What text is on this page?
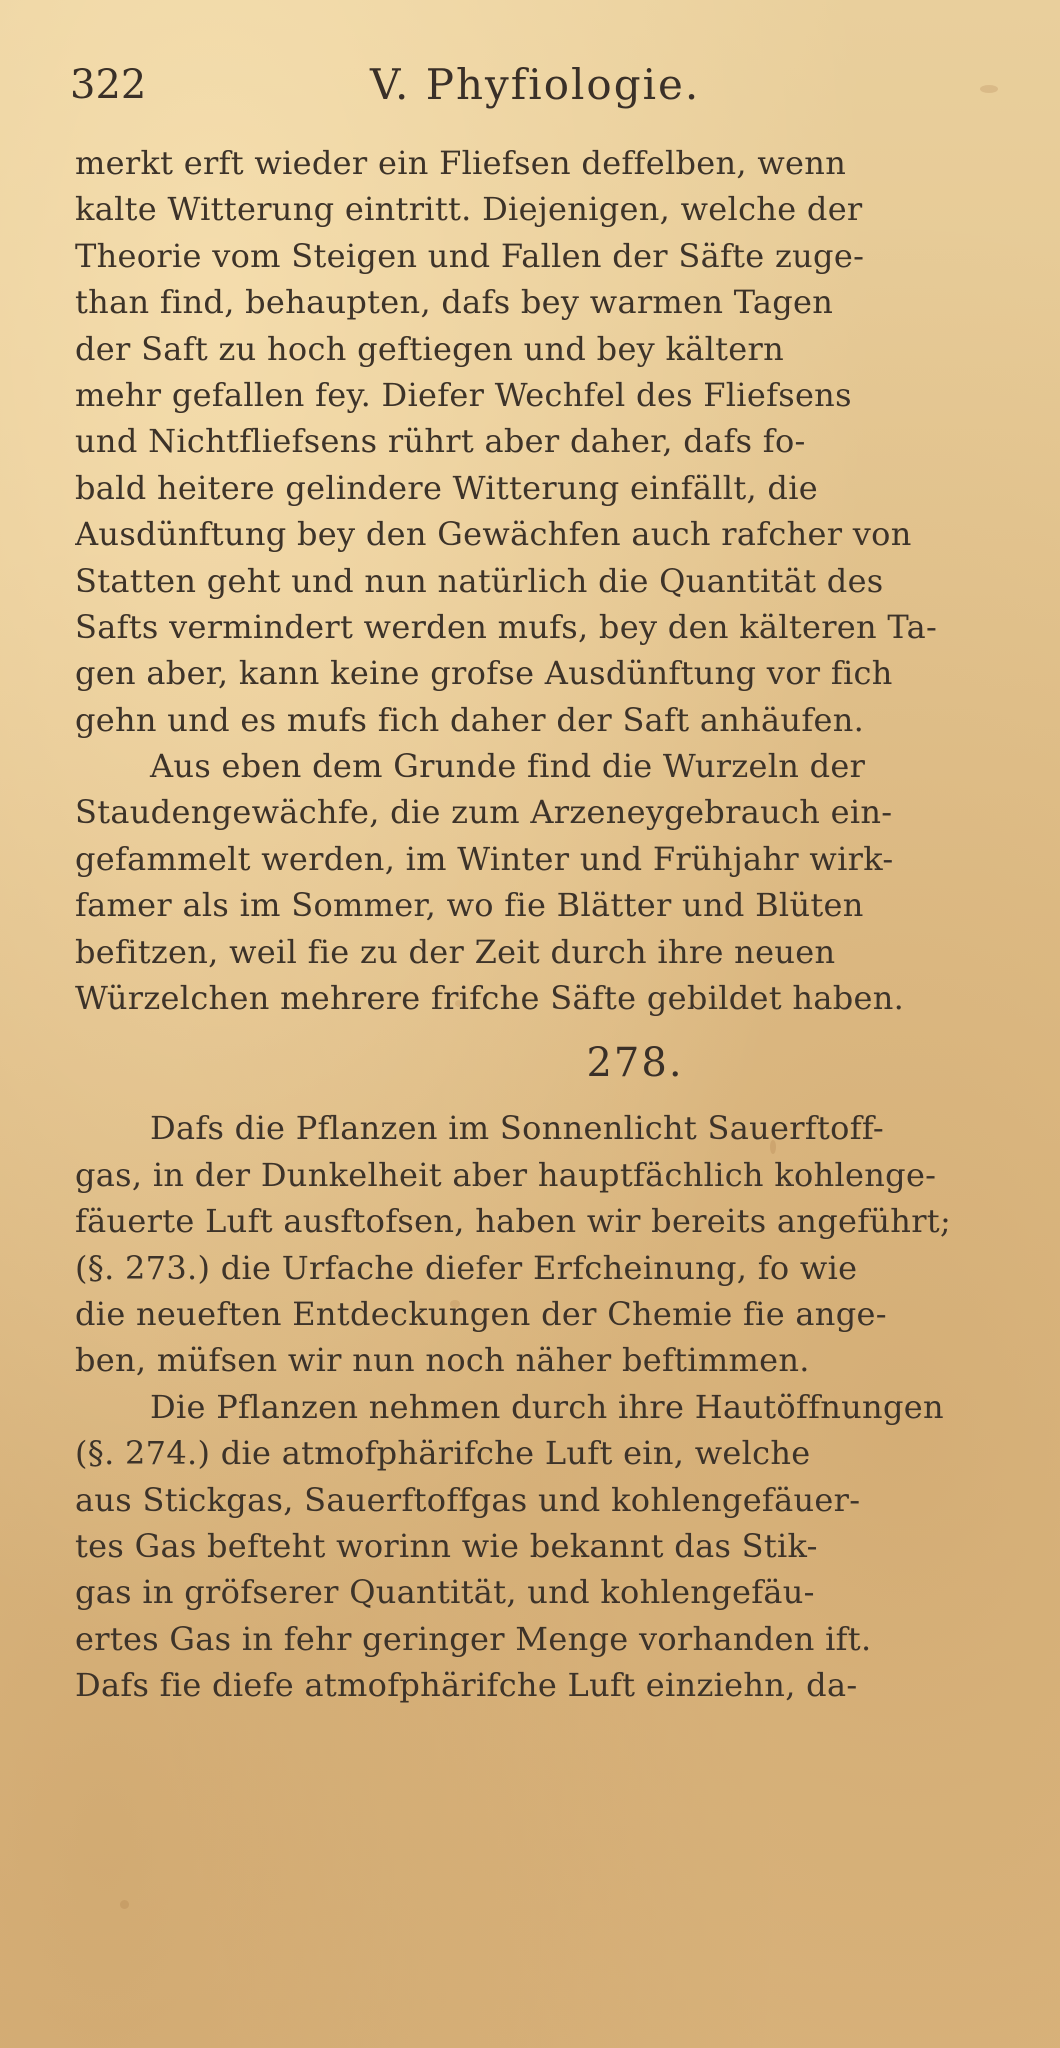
322	V. Phyfiologie.
merkt erft wieder ein Fliefsen deffelben, wenn
kalte Witterung eintritt. Diejenigen, welche der
Theorie vom Steigen und Fallen der Säfte zuge-
than find, behaupten, dafs bey warmen Tagen
der Saft zu hoch geftiegen und bey kältern
mehr gefallen fey. Diefer Wechfel des Fliefsens
und Nichtfliefsens rührt aber daher, dafs fo-
bald heitere gelindere Witterung einfällt, die
Ausdünftung bey den Gewächfen auch rafcher von
Statten geht und nun natürlich die Quantität des
Safts vermindert werden mufs, bey den kälteren Ta-
gen aber, kann keine grofse Ausdünftung vor fich
gehn und es mufs fich daher der Saft anhäufen.
Aus eben dem Grunde find die Wurzeln der
Staudengewächfe, die zum Arzeneygebrauch ein-
gefammelt werden, im Winter und Frühjahr wirk-
famer als im Sommer, wo fie Blätter und Blüten
befitzen, weil fie zu der Zeit durch ihre neuen
Würzelchen mehrere frifche Säfte gebildet haben.
278.
Dafs die Pflanzen im Sonnenlicht Sauerftoff-
gas, in der Dunkelheit aber hauptfächlich kohlenge-
fäuerte Luft ausftofsen, haben wir bereits angeführt;
(§. 273.) die Urfache diefer Erfcheinung, fo wie
die neueften Entdeckungen der Chemie fie ange-
ben, müfsen wir nun noch näher beftimmen.
Die Pflanzen nehmen durch ihre Hautöffnungen
(§. 274.) die atmofphärifche Luft ein, welche
aus Stickgas, Sauerftoffgas und kohlengefäuer-
tes Gas befteht worinn wie bekannt das Stik-
gas in gröfserer Quantität, und kohlengefäu-
ertes Gas in fehr geringer Menge vorhanden ift.
Dafs fie diefe atmofphärifche Luft einziehn, da-
